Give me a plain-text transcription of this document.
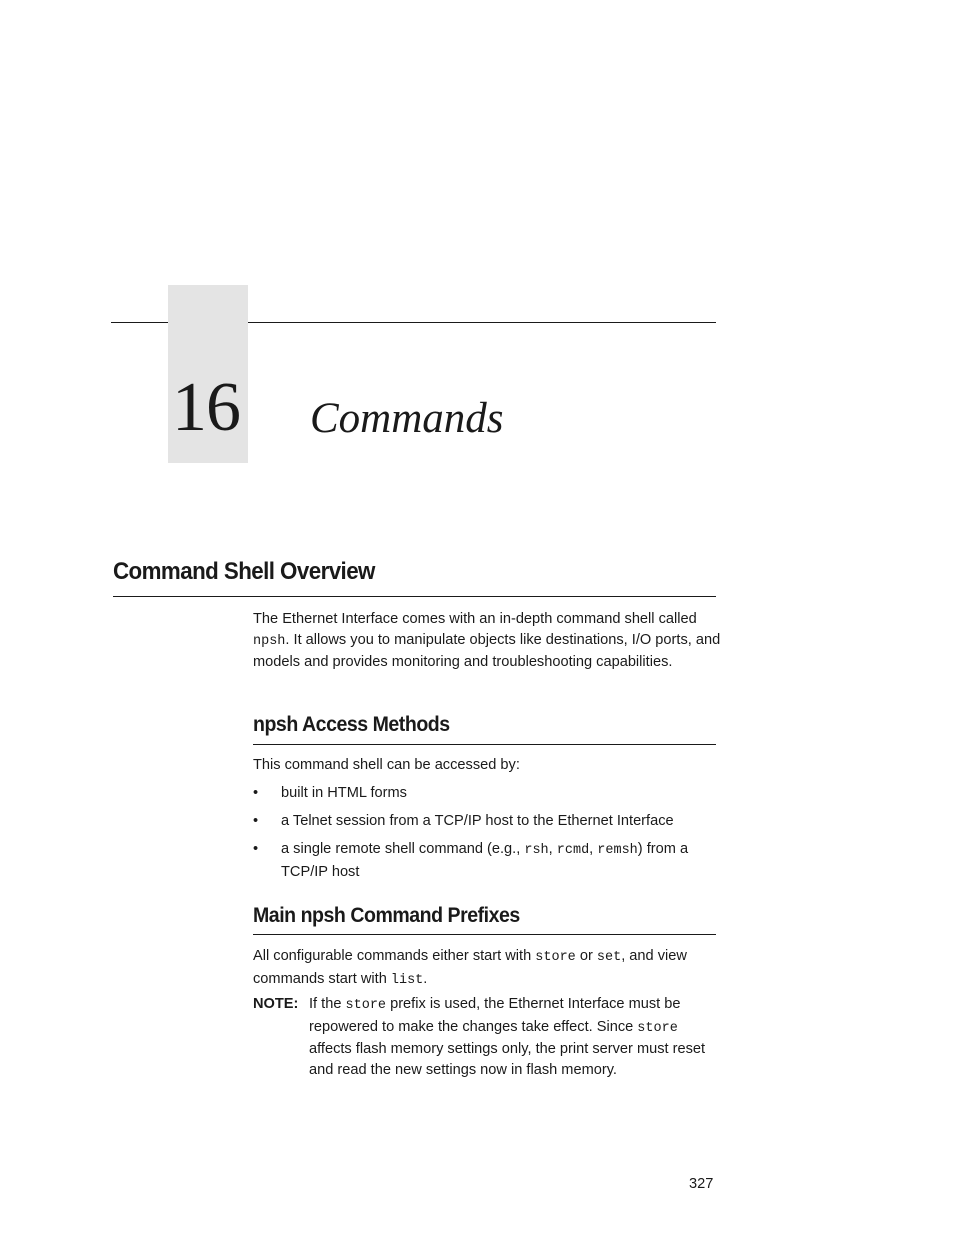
16 Commands
Command Shell Overview
The Ethernet Interface comes with an in-depth command shell called npsh. It allows you to manipulate objects like destinations, I/O ports, and models and provides monitoring and troubleshooting capabilities.
npsh Access Methods
This command shell can be accessed by:
• built in HTML forms
• a Telnet session from a TCP/IP host to the Ethernet Interface
• a single remote shell command (e.g., rsh, rcmd, remsh) from a TCP/IP host
Main npsh Command Prefixes
All configurable commands either start with store or set, and view commands start with list.
NOTE: If the store prefix is used, the Ethernet Interface must be repowered to make the changes take effect. Since store affects flash memory settings only, the print server must reset and read the new settings now in flash memory.
327
